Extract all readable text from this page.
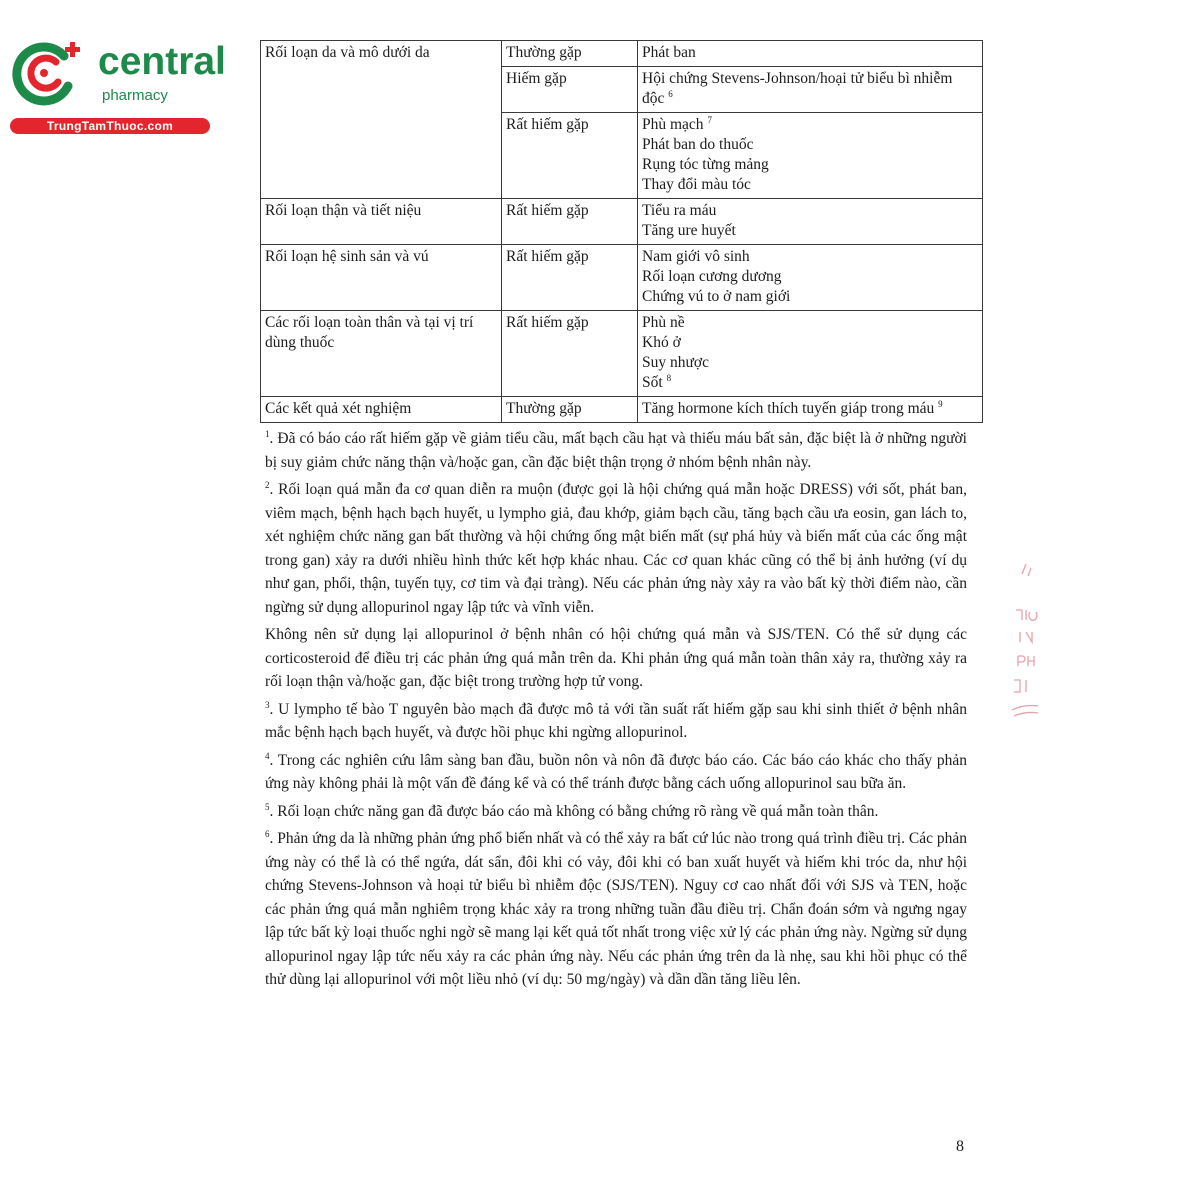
central
pharmacy
TrungTamThuoc.com
Rối loạn da và mô dưới da	Thường gặp	Phát ban

	Hiếm gặp	Hội chứng Stevens-Johnson/hoại tử biểu bì nhiễm độc $^6$
	Rất hiếm gặp	Phù mạch $^7$
Phát ban do thuốc
Rụng tóc từng mảng
Thay đổi màu tóc

Rối loạn thận và tiết niệu	Rất hiếm gặp	Tiểu ra máu
Tăng ure huyết

Rối loạn hệ sinh sản và vú	Rất hiếm gặp	Nam giới vô sinh
Rối loạn cương dương
Chứng vú to ở nam giới

Các rối loạn toàn thân và tại vị trí dùng thuốc	Rất hiếm gặp	Phù nề
Khó ở
Suy nhược
Sốt $^8$

Các kết quả xét nghiệm	Thường gặp	Tăng hormone kích thích tuyến giáp trong máu $^9$

$^1$. Đã có báo cáo rất hiếm gặp về giảm tiểu cầu, mất bạch cầu hạt và thiếu máu bất sản, đặc biệt là ở những người bị suy giảm chức năng thận và/hoặc gan, cần đặc biệt thận trọng ở nhóm bệnh nhân này.

$^2$. Rối loạn quá mẫn đa cơ quan diễn ra muộn (được gọi là hội chứng quá mẫn hoặc DRESS) với sốt, phát ban, viêm mạch, bệnh hạch bạch huyết, u lympho giả, đau khớp, giảm bạch cầu, tăng bạch cầu ưa eosin, gan lách to, xét nghiệm chức năng gan bất thường và hội chứng ống mật biến mất (sự phá hủy và biến mất của các ống mật trong gan) xảy ra dưới nhiều hình thức kết hợp khác nhau. Các cơ quan khác cũng có thể bị ảnh hưởng (ví dụ như gan, phổi, thận, tuyến tụy, cơ tim và đại tràng). Nếu các phản ứng này xảy ra vào bất kỳ thời điểm nào, cần ngừng sử dụng allopurinol ngay lập tức và vĩnh viễn.

Không nên sử dụng lại allopurinol ở bệnh nhân có hội chứng quá mẫn và SJS/TEN. Có thể sử dụng các corticosteroid để điều trị các phản ứng quá mẫn trên da. Khi phản ứng quá mẫn toàn thân xảy ra, thường xảy ra rối loạn thận và/hoặc gan, đặc biệt trong trường hợp tử vong.

$^3$. U lympho tế bào T nguyên bào mạch đã được mô tả với tần suất rất hiếm gặp sau khi sinh thiết ở bệnh nhân mắc bệnh hạch bạch huyết, và được hồi phục khi ngừng allopurinol.

$^4$. Trong các nghiên cứu lâm sàng ban đầu, buồn nôn và nôn đã được báo cáo. Các báo cáo khác cho thấy phản ứng này không phải là một vấn đề đáng kể và có thể tránh được bằng cách uống allopurinol sau bữa ăn.

$^5$. Rối loạn chức năng gan đã được báo cáo mà không có bằng chứng rõ ràng về quá mẫn toàn thân.

$^6$. Phản ứng da là những phản ứng phổ biến nhất và có thể xảy ra bất cứ lúc nào trong quá trình điều trị. Các phản ứng này có thể là có thể ngứa, dát sẩn, đôi khi có vảy, đôi khi có ban xuất huyết và hiếm khi tróc da, như hội chứng Stevens-Johnson và hoại tử biểu bì nhiễm độc (SJS/TEN). Nguy cơ cao nhất đối với SJS và TEN, hoặc các phản ứng quá mẫn nghiêm trọng khác xảy ra trong những tuần đầu điều trị. Chẩn đoán sớm và ngưng ngay lập tức bất kỳ loại thuốc nghi ngờ sẽ mang lại kết quả tốt nhất trong việc xử lý các phản ứng này. Ngừng sử dụng allopurinol ngay lập tức nếu xảy ra các phản ứng này. Nếu các phản ứng trên da là nhẹ, sau khi hồi phục có thể thử dùng lại allopurinol với một liều nhỏ (ví dụ: 50 mg/ngày) và dần dần tăng liều lên.

8
